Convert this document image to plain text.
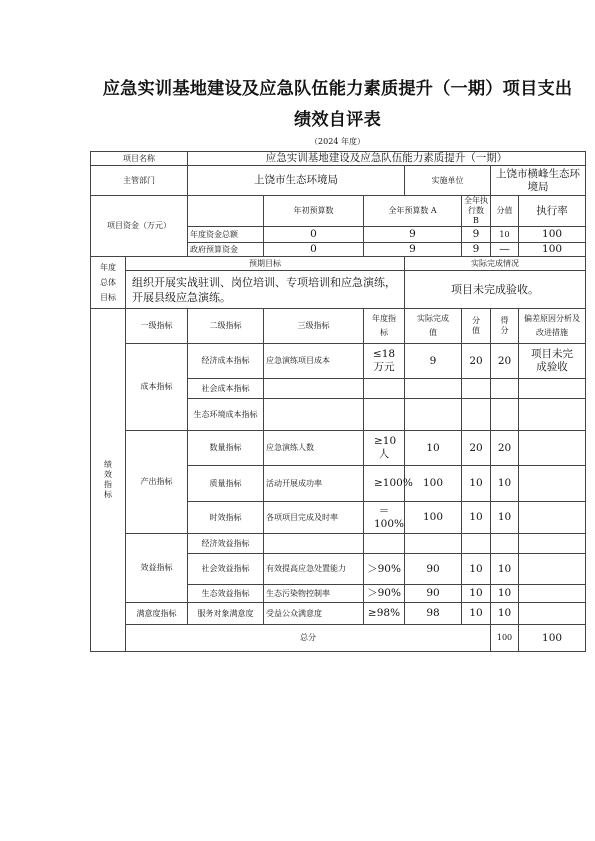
应急实训基地建设及应急队伍能力素质提升（一期）项目支出
绩效自评表
（2024 年度）
项目名称		应急实训基地建设及应急队伍能力素质提升（一期）							
主管部门		上饶市生态环境局			实施单位		上饶市横峰生态环境局		
项目资金（万元）			年初预算数	全年预算数 A		全年执行数 B	分值	执行率	
		年度资金总额	0	9		9	10	100	
		政府预算资金	0	9		9	—	100	
年度总体目标	预期目标				实际完成情况				
	组织开展实战驻训、岗位培训、专项培训和应急演练，开展县级应急演练。				项目未完成验收。				

绩效指标	一级指标	二级指标	三级指标	年度指标	实际完成值	分值	得分	偏差原因分析及改进措施	
	成本指标	经济成本指标	应急演练项目成本	≤18万元	9	20	20	项目未完成验收	
		社会成本指标							
		生态环境成本指标							
	产出指标	数量指标	应急演练人数	≥10人	10	20	20		
		质量指标	活动开展成功率	≥100%	100	10	10		
		时效指标	各项项目完成及时率	＝100%	100	10	10		
	效益指标	经济效益指标							
		社会效益指标	有效提高应急处置能力	＞90%	90	10	10		
		生态效益指标	生态污染物控制率	＞90%	90	10	10		
	满意度指标	服务对象满意度	受益公众满意度	≥98%	98	10	10		
	总分						100	100	
